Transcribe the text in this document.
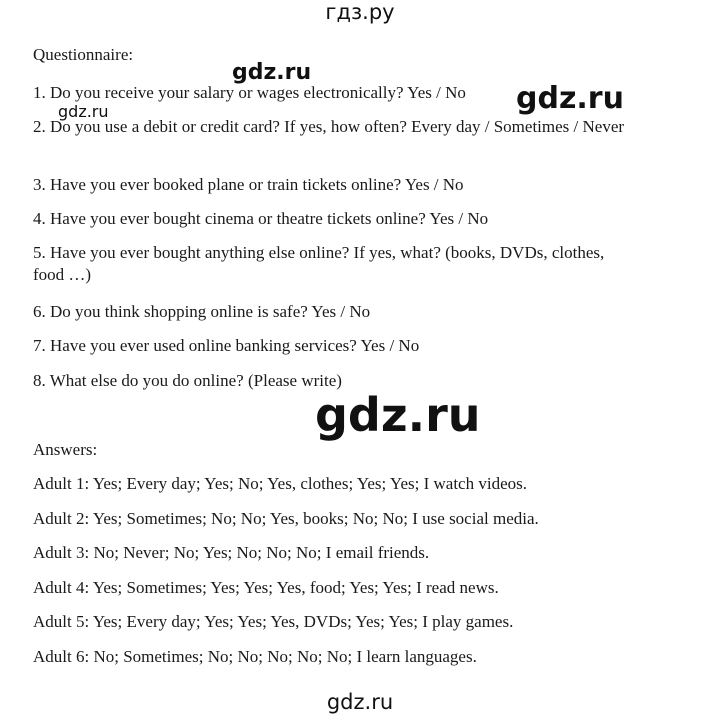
гдз.ру
Questionnaire:
1. Do you receive your salary or wages electronically? Yes / No
2. Do you use a debit or credit card? If yes, how often? Every day / Sometimes / Never
3. Have you ever booked plane or train tickets online? Yes / No
4. Have you ever bought cinema or theatre tickets online? Yes / No
5. Have you ever bought anything else online? If yes, what? (books, DVDs, clothes, food …)
6. Do you think shopping online is safe? Yes / No
7. Have you ever used online banking services? Yes / No
8. What else do you do online? (Please write)
Answers:
Adult 1: Yes; Every day; Yes; No; Yes, clothes; Yes; Yes; I watch videos.
Adult 2: Yes; Sometimes; No; No; Yes, books; No; No; I use social media.
Adult 3: No; Never; No; Yes; No; No; No; I email friends.
Adult 4: Yes; Sometimes; Yes; Yes; Yes, food; Yes; Yes; I read news.
Adult 5: Yes; Every day; Yes; Yes; Yes, DVDs; Yes; Yes; I play games.
Adult 6: No; Sometimes; No; No; No; No; No; I learn languages.
gdz.ru
gdz.ru
gdz.ru
gdz.ru
gdz.ru
